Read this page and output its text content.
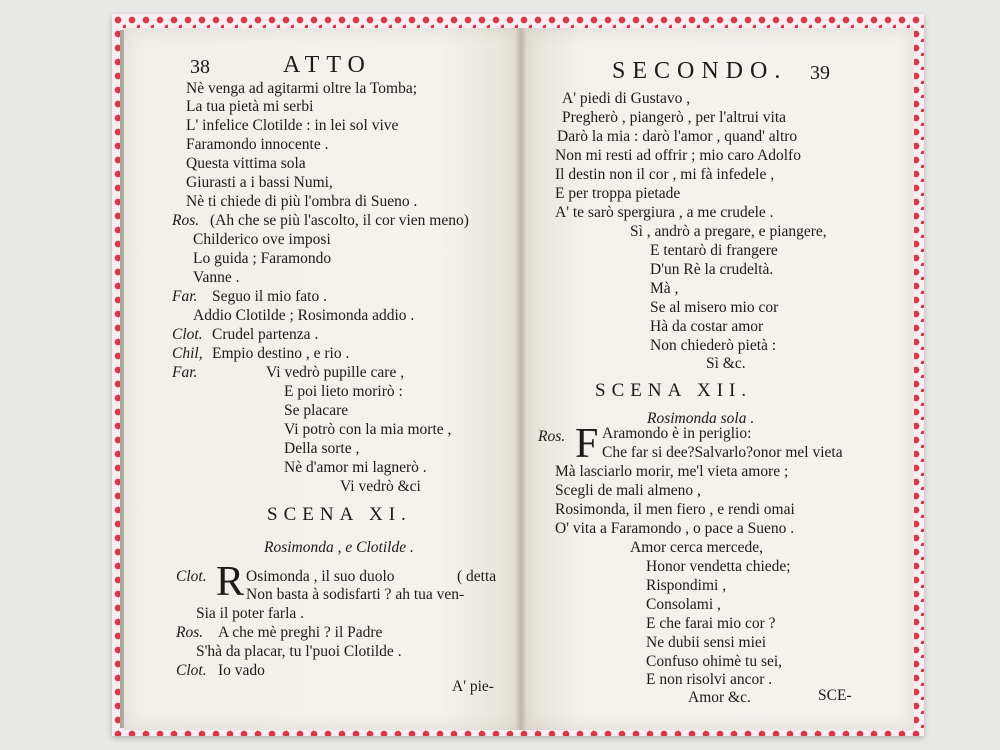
38	ATTO
Nè venga ad agitarmi oltre la Tomba;
La tua pietà mi serbi
L' infelice Clotilde : in lei sol vive
Faramondo innocente .
Questa vittima sola
Giurasti a i bassi Numi,
Nè ti chiede di più l'ombra di Sueno .
Ros. (Ah che se più l'ascolto, il cor vien meno)
Childerico ove imposi
Lo guida ; Faramondo
Vanne .
Far. Seguo il mio fato .
Addio Clotilde ; Rosimonda addio .
Clot. Crudel partenza .
Chil, Empio destino , e rio .
Far.	Vi vedrò pupille care ,
E poi lieto morirò :
Se placare
Vi potrò con la mia morte ,
Della sorte ,
Nè d'amor mi lagnerò .
Vi vedrò &ci
SCENA XI.
Rosimonda , e Clotilde .
Clot. R Osimonda , il suo duolo	( detta
Non basta à sodisfarti ? ah tua ven-
Sia il poter farla .
Ros. A che mè preghi ? il Padre
S'hà da placar, tu l'puoi Clotilde .
Clot. Io vado
A' pie-
SECONDO. 39
A' piedi di Gustavo ,
Pregherò , piangerò , per l'altrui vita
Darò la mia : darò l'amor , quand' altro
Non mi resti ad offrir ; mio caro Adolfo
Il destin non il cor , mi fà infedele ,
E per troppa pietade
A' te sarò spergiura , a me crudele .
Sì , andrò a pregare, e piangere,
E tentarò di frangere
D'un Rè la crudeltà.
Mà ,
Se al misero mio cor
Hà da costar amor
Non chiederò pietà :
Sì &c.
SCENA XII.
Rosimonda sola .
Ros. F Aramondo è in periglio:
Che far si dee?Salvarlo?onor mel vieta
Mà lasciarlo morir, me'l vieta amore ;
Scegli de mali almeno ,
Rosimonda, il men fiero , e rendi omai
O' vita a Faramondo , o pace a Sueno .
Amor cerca mercede,
Honor vendetta chiede;
Rispondimi ,
Consolami ,
E che farai mio cor ?
Ne dubii sensi miei
Confuso ohimè tu sei,
E non risolvi ancor .
Amor &c.	SCE-
